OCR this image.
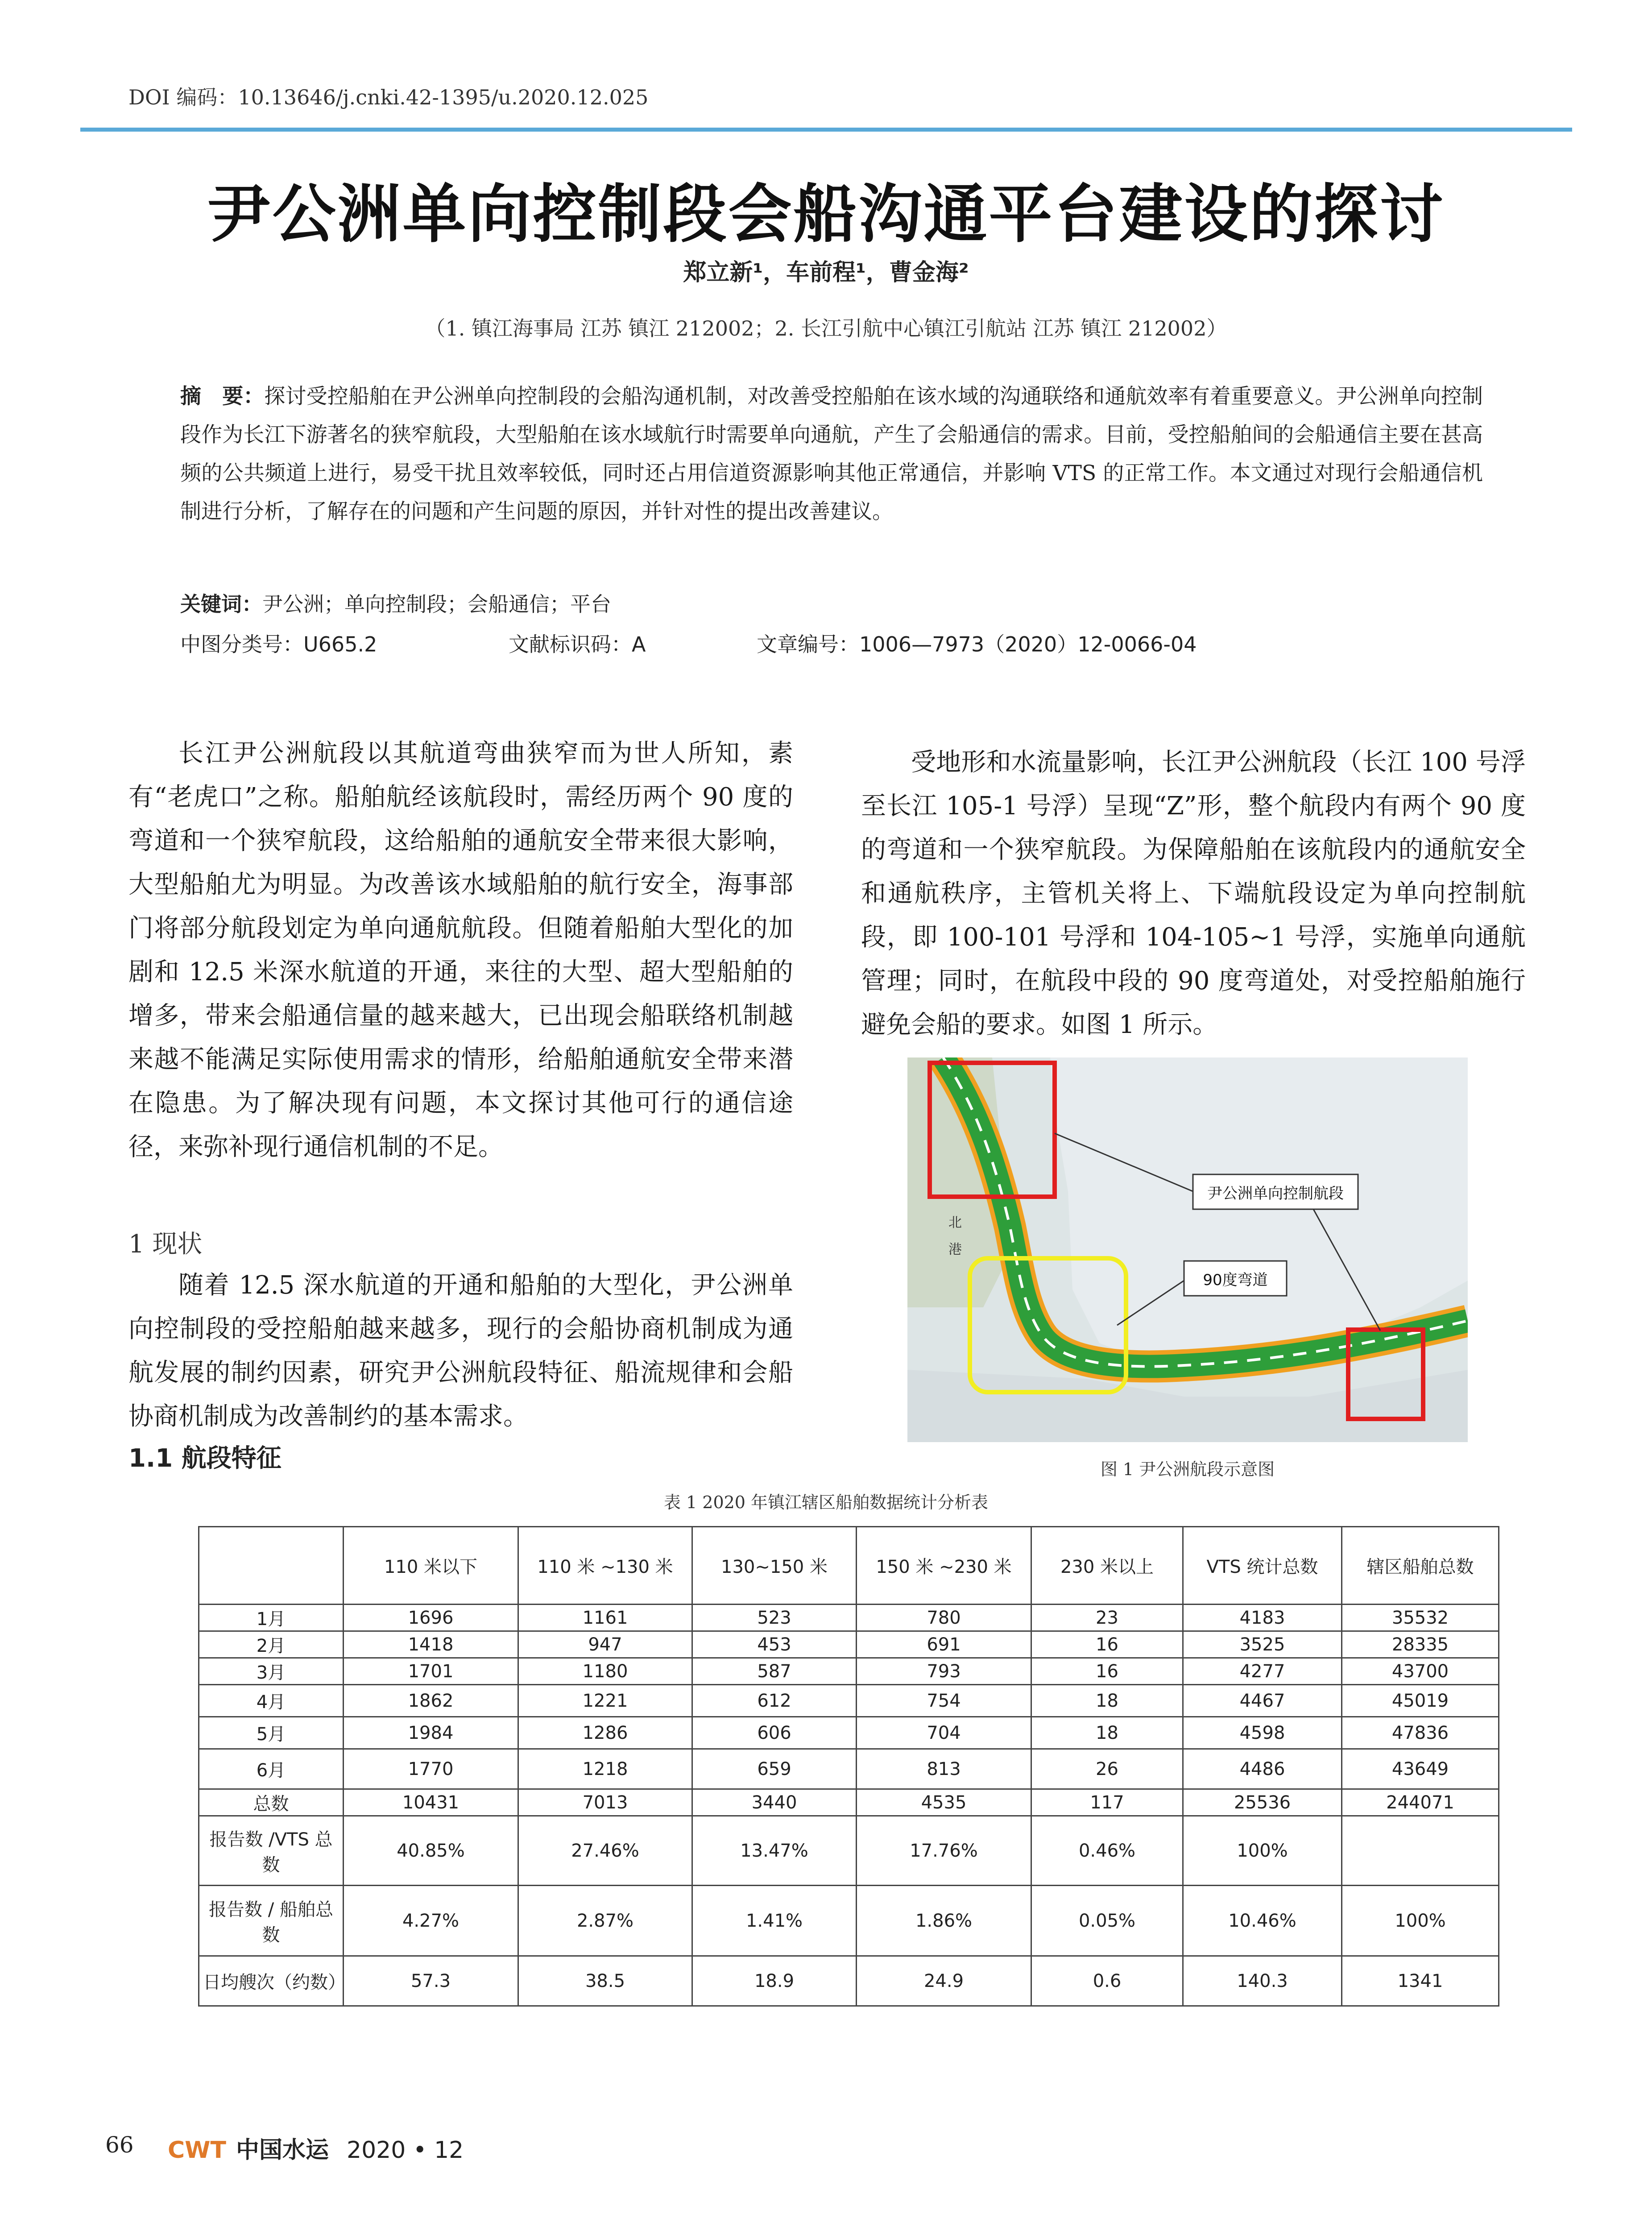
DOI 编码：10.13646/j.cnki.42-1395/u.2020.12.025
尹公洲单向控制段会船沟通平台建设的探讨
郑立新¹，车前程¹，曹金海²
（1. 镇江海事局 江苏 镇江 212002；2. 长江引航中心镇江引航站 江苏 镇江 212002）
摘　要：探讨受控船舶在尹公洲单向控制段的会船沟通机制，对改善受控船舶在该水域的沟通联络和通航效率有着重要意义。尹公洲单向控制段作为长江下游著名的狭窄航段，大型船舶在该水域航行时需要单向通航，产生了会船通信的需求。目前，受控船舶间的会船通信主要在甚高频的公共频道上进行，易受干扰且效率较低，同时还占用信道资源影响其他正常通信，并影响 VTS 的正常工作。本文通过对现行会船通信机制进行分析，了解存在的问题和产生问题的原因，并针对性的提出改善建议。
关键词：尹公洲；单向控制段；会船通信；平台
中图分类号：U665.2	文献标识码：A	文章编号：1006—7973（2020）12-0066-04

长江尹公洲航段以其航道弯曲狭窄而为世人所知，素有“老虎口”之称。船舶航经该航段时，需经历两个 90 度的弯道和一个狭窄航段，这给船舶的通航安全带来很大影响，大型船舶尤为明显。为改善该水域船舶的航行安全，海事部门将部分航段划定为单向通航航段。但随着船舶大型化的加剧和 12.5 米深水航道的开通，来往的大型、超大型船舶的增多，带来会船通信量的越来越大，已出现会船联络机制越来越不能满足实际使用需求的情形，给船舶通航安全带来潜在隐患。为了解决现有问题，本文探讨其他可行的通信途径，来弥补现行通信机制的不足。

1 现状

随着 12.5 深水航道的开通和船舶的大型化，尹公洲单向控制段的受控船舶越来越多，现行的会船协商机制成为通航发展的制约因素，研究尹公洲航段特征、船流规律和会船协商机制成为改善制约的基本需求。

1.1 航段特征

受地形和水流量影响，长江尹公洲航段（长江 100 号浮至长江 105-1 号浮）呈现“Z”形，整个航段内有两个 90 度的弯道和一个狭窄航段。为保障船舶在该航段内的通航安全和通航秩序，主管机关将上、下端航段设定为单向控制航段，即 100-101 号浮和 104-105~1 号浮，实施单向通航管理；同时，在航段中段的 90 度弯道处，对受控船舶施行避免会船的要求。如图 1 所示。

尹公洲单向控制航段
90度弯道
北
港
图 1 尹公洲航段示意图
表 1 2020 年镇江辖区船舶数据统计分析表
	110 米以下	110 米 ~130 米	130~150 米	150 米 ~230 米	230 米以上	VTS 统计总数	辖区船舶总数
1月	1696	1161	523	780	23	4183	35532
2月	1418	947	453	691	16	3525	28335
3月	1701	1180	587	793	16	4277	43700
4月	1862	1221	612	754	18	4467	45019
5月	1984	1286	606	704	18	4598	47836
6月	1770	1218	659	813	26	4486	43649
总数	10431	7013	3440	4535	117	25536	244071
报告数 /VTS 总数	40.85%	27.46%	13.47%	17.76%	0.46%	100%	
报告数 / 船舶总数	4.27%	2.87%	1.41%	1.86%	0.05%	10.46%	100%
日均艘次（约数）	57.3	38.5	18.9	24.9	0.6	140.3	1341
66 CWT 中国水运 2020 • 12
